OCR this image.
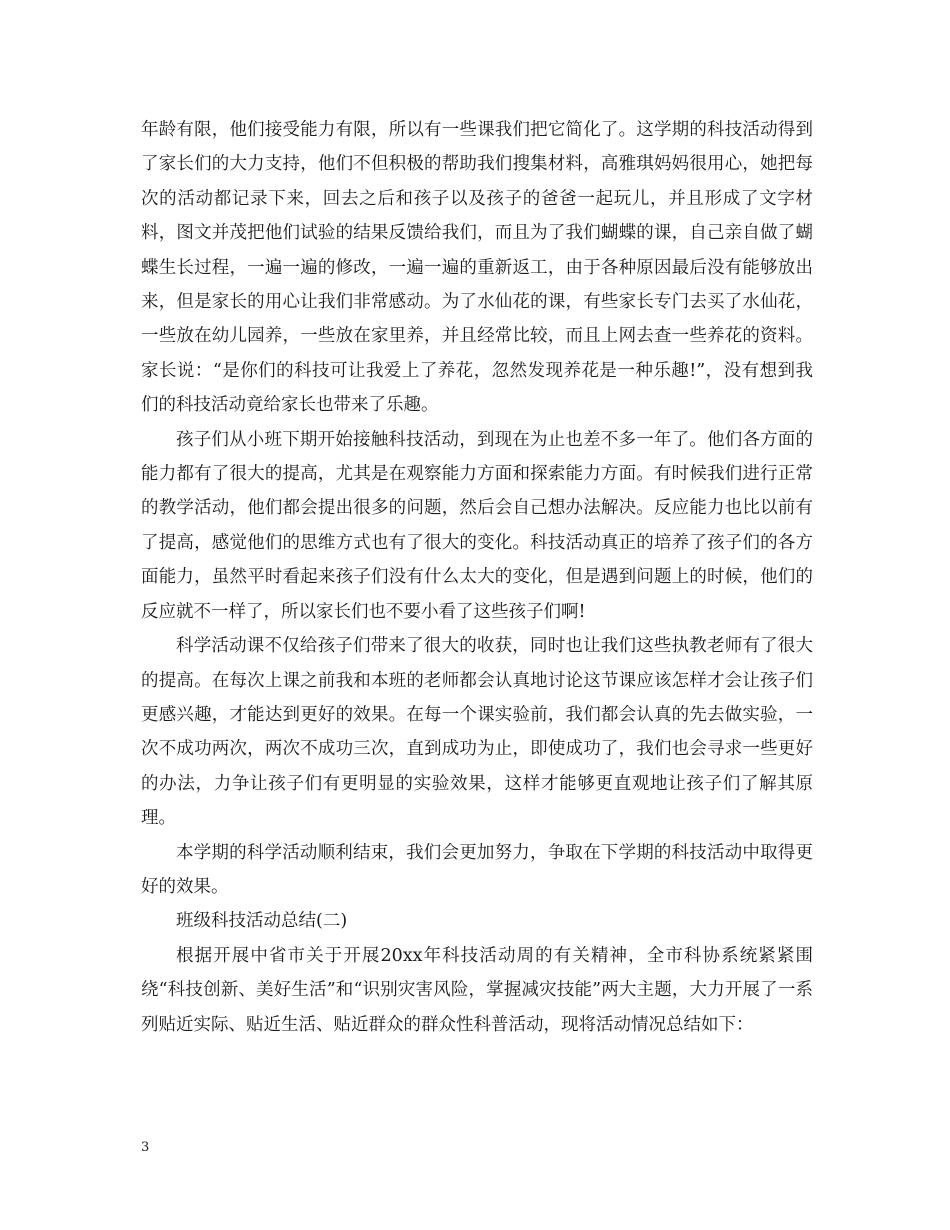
年龄有限，他们接受能力有限，所以有一些课我们把它简化了。这学期的科技活动得到了家长们的大力支持，他们不但积极的帮助我们搜集材料，高雅琪妈妈很用心，她把每次的活动都记录下来，回去之后和孩子以及孩子的爸爸一起玩儿，并且形成了文字材料，图文并茂把他们试验的结果反馈给我们，而且为了我们蝴蝶的课，自己亲自做了蝴蝶生长过程，一遍一遍的修改，一遍一遍的重新返工，由于各种原因最后没有能够放出来，但是家长的用心让我们非常感动。为了水仙花的课，有些家长专门去买了水仙花，一些放在幼儿园养，一些放在家里养，并且经常比较，而且上网去查一些养花的资料。家长说：“是你们的科技可让我爱上了养花，忽然发现养花是一种乐趣!”，没有想到我们的科技活动竟给家长也带来了乐趣。

孩子们从小班下期开始接触科技活动，到现在为止也差不多一年了。他们各方面的能力都有了很大的提高，尤其是在观察能力方面和探索能力方面。有时候我们进行正常的教学活动，他们都会提出很多的问题，然后会自己想办法解决。反应能力也比以前有了提高，感觉他们的思维方式也有了很大的变化。科技活动真正的培养了孩子们的各方面能力，虽然平时看起来孩子们没有什么太大的变化，但是遇到问题上的时候，他们的反应就不一样了，所以家长们也不要小看了这些孩子们啊!

科学活动课不仅给孩子们带来了很大的收获，同时也让我们这些执教老师有了很大的提高。在每次上课之前我和本班的老师都会认真地讨论这节课应该怎样才会让孩子们更感兴趣，才能达到更好的效果。在每一个课实验前，我们都会认真的先去做实验，一次不成功两次，两次不成功三次，直到成功为止，即使成功了，我们也会寻求一些更好的办法，力争让孩子们有更明显的实验效果，这样才能够更直观地让孩子们了解其原理。

本学期的科学活动顺利结束，我们会更加努力，争取在下学期的科技活动中取得更好的效果。

班级科技活动总结(二)

根据开展中省市关于开展20xx年科技活动周的有关精神，全市科协系统紧紧围绕“科技创新、美好生活”和“识别灾害风险，掌握减灾技能”两大主题，大力开展了一系列贴近实际、贴近生活、贴近群众的群众性科普活动，现将活动情况总结如下：

3
